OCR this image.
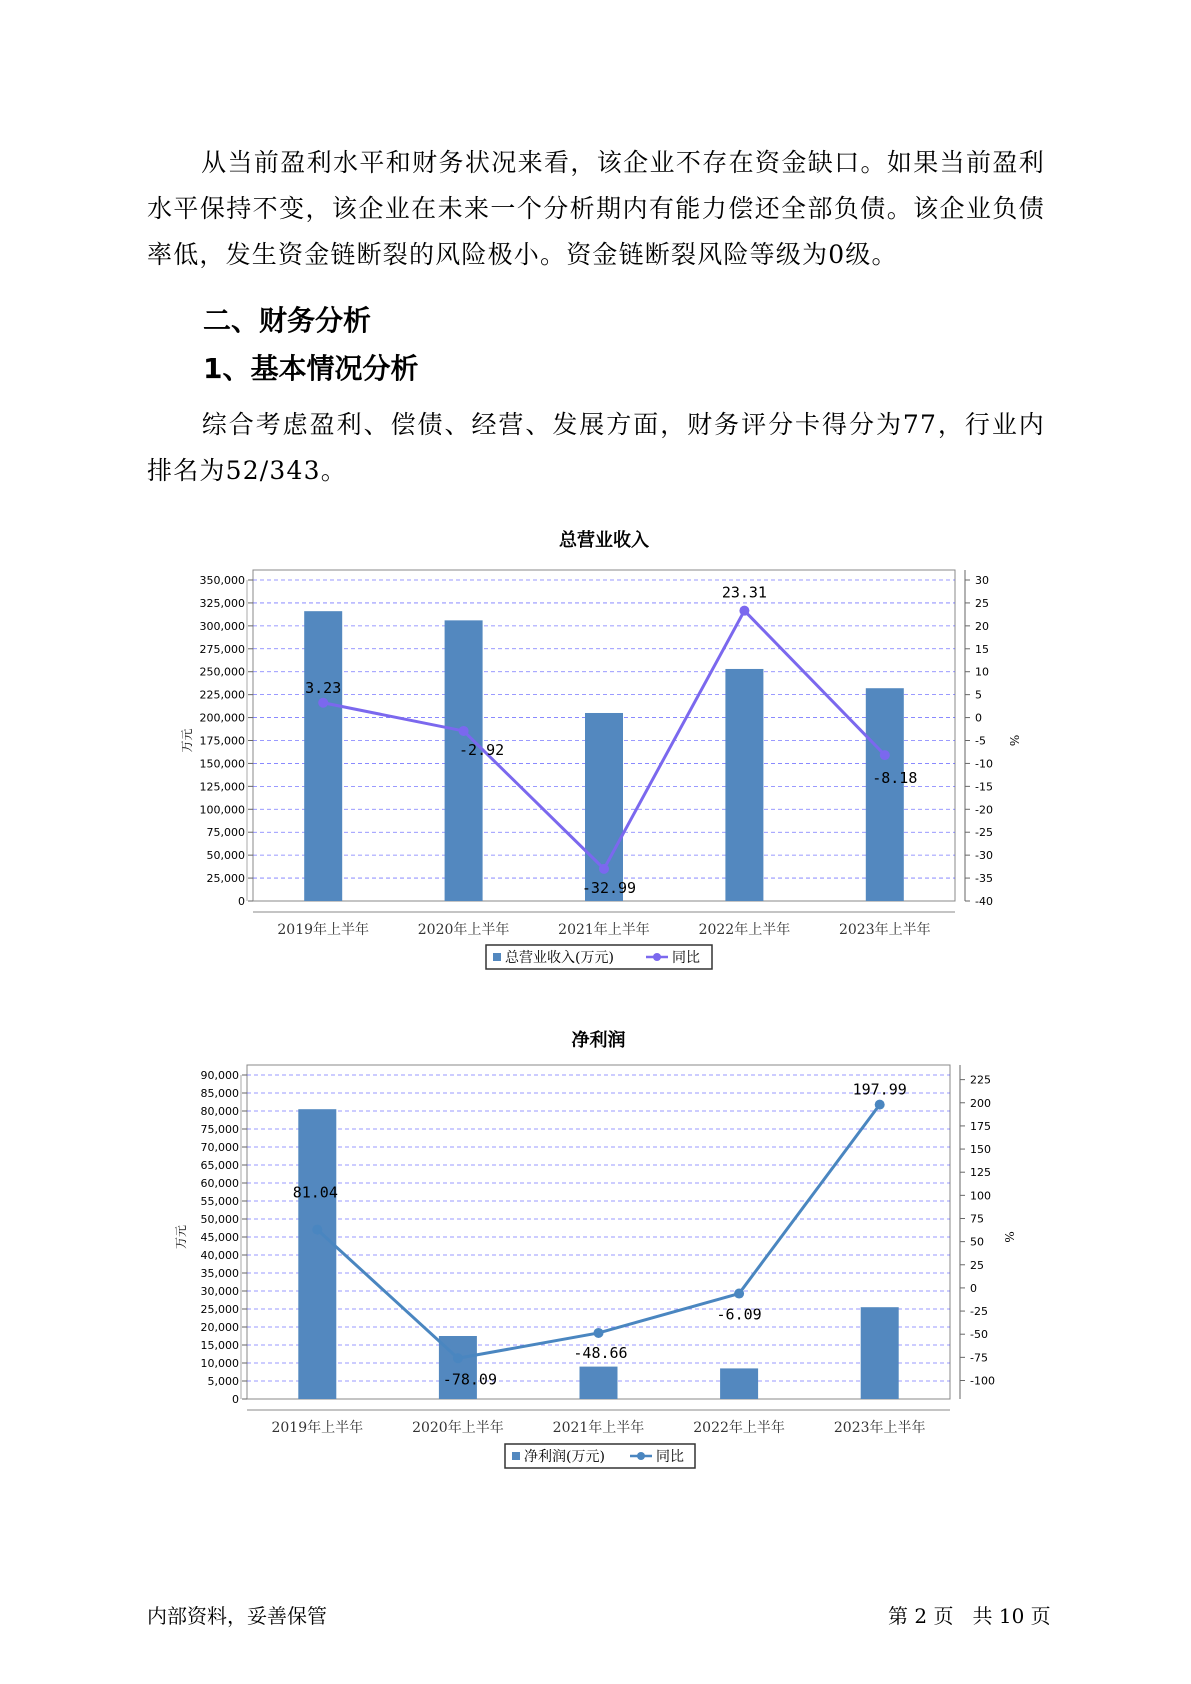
从当前盈利水平和财务状况来看，该企业不存在资金缺口。如果当前盈利水平保持不变，该企业在未来一个分析期内有能力偿还全部负债。该企业负债率低，发生资金链断裂的风险极小。资金链断裂风险等级为0级。

二、财务分析
1、基本情况分析

综合考虑盈利、偿债、经营、发展方面，财务评分卡得分为77，行业内排名为52/343。

总营业收入
0
25,000
50,000
75,000
100,000
125,000
150,000
175,000
200,000
225,000
250,000
275,000
300,000
325,000
350,000
-40
-35
-30
-25
-20
-15
-10
-5
0
5
10
15
20
25
30
万元	%
2019年上半年	2020年上半年	2021年上半年	2022年上半年	2023年上半年
3.23
-2.92
-32.99
23.31
-8.18
总营业收入(万元)	同比
净利润
0
5,000
10,000
15,000
20,000
25,000
30,000
35,000
40,000
45,000
50,000
55,000
60,000
65,000
70,000
75,000
80,000
85,000
90,000
-100
-75
-50
-25
0
25
50
75
100
125
150
175
200
225
万元	%
2019年上半年	2020年上半年	2021年上半年	2022年上半年	2023年上半年
81.04
-78.09
-48.66
-6.09
197.99
净利润(万元)	同比
内部资料，妥善保管	第 2 页   共 10 页
